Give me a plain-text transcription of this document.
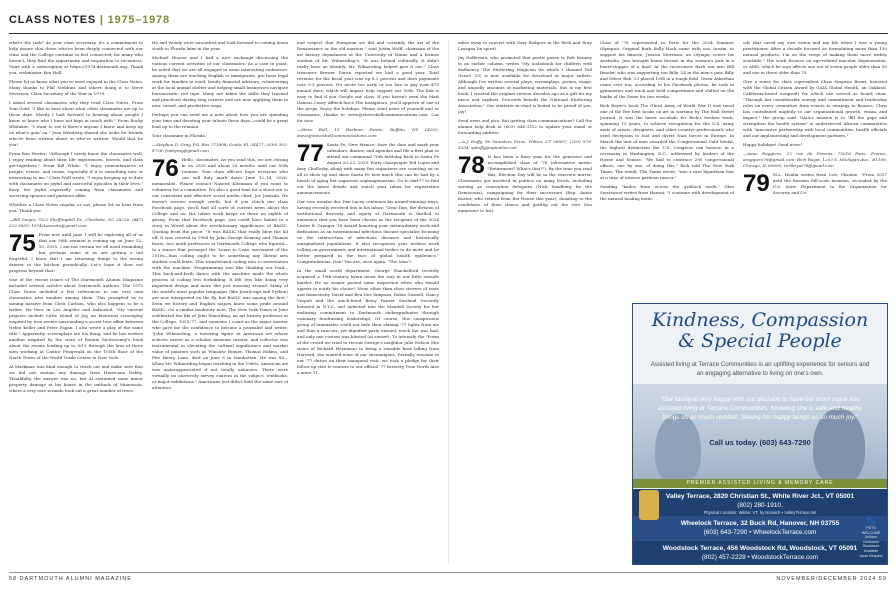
CLASS NOTES | 1975–1978

what's the task? As your class secretary, it's a commitment to help assure that those who've been deeply connected with our class and the College continue to feel connected; for many who haven't, they find the opportunity and inspiration to reconnect. Start with a subscription at https://1974.dartmouth.org. Thank you, webmaster Ken Hall.

Please let us know what you've most enjoyed in the Class Notes. Many thanks to Phil Stebbins and others doing it to Steve Severson, Class Secretary of the Year in 1979.

I asked several classmates why they read Class Notes. From Tom Gold: "I like to hear about what other classmates are up to these days. Mostly I look forward to hearing about people I know or knew who I have not kept in touch with." From Rocky Whitaker: "I want to see if there's anyone I know and keep up on what's goin' on." Jean Weinberg shared she looks for friends who've been written about or who've written. Would that be you?

From Ron Hester: "Although I rarely know the classmates well, I enjoy reading about their life experiences, travels, and class get-togethers." From Bill White: "I enjoy remembrances of people, events, and terms, especially if it is something new or interesting to me." Chris Wolf wrote, "I enjoy keeping up to date with classmates on joyful and sorrowful episodes in their lives." Keep the joyful especially coming from classmates and surviving spouses and partners alike.

Whether a Class Notes regular or not, please let us hear from you. Thank you.

—Bill Geiger, 7522 Sheffingdell Dr., Charlotte, NC 28226; (847) 322-5939; 1974classnote@gmail.com

75 From now until June 1 will be exploring all of us that our 50th reunion is coming up on June 12–15, 2025. I am not certain we all need reminding but perhaps some of us are getting a tad forgetful. I know that I am returning things to the wrong drawer in the kitchen periodically. Let's hope it does not progress beyond that!

One of the recent issues of The Dartmouth Alumni Magazine included several articles about Dartmouth authors. The 1975 Class Notes included a few references to our very own classmates who number among them. This prompted us to mining missive from Chris Carlson, who also happens to be a writer. He lives in Los Angeles and indicated, "My current projects include Little Island of Joy, an historical screenplay inspired by true events surrounding a secret love affair between Helen Keller and Peter Fagan. I also wrote a play of the same title." Apparently, screenplays are his thing, and he has written another inspired by the story of Bonnie McSweeney's book about the events leading up to 9/11 through the lens of three men working at Cantor Fitzgerald on the 105th floor of the North Tower of the World Trade Center in New York.

Al Markman was kind enough to reach out and make sure that we did not sustain any damage from Hurricane Debby. Thankfully, the answer was no, but Al sustained some minor property damage at his house in the outback of Minnesota, where a very rare tornado took out a great number of trees.

He and Wendy were unscathed and look forward to coming down south to Florida later in the year.

Michael Hoover and I had a nice exchange discussing the various current activities of our classmates. As a case in point, he noted that we are all engaged in some interesting endeavors. Among them are teaching English to immigrants, pro bono legal work for families in need, family financial advisory, volunteering at the local animal shelter and helping small businesses navigate bureaucratic red tape. Many are taken the skills they learned and practiced during long careers and are now applying them in new, varied, and productive ways.

Perhaps you can send me a note about how you are spending your time and devoting your talents these days—could be a great lead up to the reunion.

Your classmate in Florida.

—Stephen D. Gray, P.O. Box 771808, Ocala, FL 34477; (630) 302-8728; fraitgray@gmail.com

76 Hello, classmates. As you read this, we are closing in on 2025 and about 20 months until our 50th reunion. Your class officers hope everyone who can will duly mark dates June 12–14, 2026, memorable. Please contact Naseed Kleinman if you want to volunteer for a committee. It's also a good time for a shout-out to our consistent and effective social media chief, Joe Jasinski. He doesn't receive enough credit, but if you check our class Facebook page, you'll find all sorts of current news about the College and us. His talent work keeps us there an eighth of giving. From that Facebook page, you could have linked to a story in Wired about the revolutionary significance of BASIC. Quoting from the piece: "It was BASIC that really blew the lid off. It was created in 1964 by John George Kemeny and Thomas Kurtz, two math professors at Dartmouth College who figured—to a stance that presaged the 'Learn to Code' movement of the 2010s—that coding ought to be something any liberal arts student could learn. This transformed coding into a conversation with the machine. Programming was like thinking out loud... This back-and-forth dance with the machine made the whole process of coding less forbidding. It felt less like doing very important design and more like just messing around. Many of the world's most popular languages (like JavaScript and Python) are now interpreted on the fly, but BASIC was among the first." Even we history and English majors knew some pride around BASIC. On a similar laudatory note, The New York Times in June celebrated the life of John Winerding, an art history professor at the College, 1955–77, and someone I count as the major mentor who gave me the confidence to become a journalist and writer, "John Wilmerding, a towering figure in American art whose eclectic career as a scholar, museum curator, and collector was instrumental in elevating the cultural significance and market value of painters such as Winslow Homer, Thomas Eakins, and Fitz Henry Lane, died on June 6 in Manhattan. He was 85... When Mr. Wilmerding began teaching in the 1960s, American art was underappreciated if not totally unknown. There were virtually no university survey courses in the subject, textbooks, or major exhibitions." Americans just didn't hold the same sort of attention

and respect that European art did and certainly the art of the Renaissance or the old masters," said Justin Wolff, chairman of the art history department at the University of Maine and a former student of Mr. Wilmerding's. "It was behind culturally. It didn't really have an identity. Mr. Wilmerding helped give it one." Class treasurer Brewer Doran reported we had a good year. Total revenue for the fiscal year was up 8.2 percent and dues payments rose 9.3 percent. It's never too early or too late to pay your $75 annual dues, which will impact help support our 50th. The link is easy to find if you Google our class. If you haven't seen the Matt Damon–Casey Affleck farce The Instigators, you'll approve of one of the props. Enjoy the holidays. Please send news of yourself and or classmates, thanks to steve@steveshellcommunications.com. Cas for now.

—Steve Bell, 13 Harbour Pointe, Buffalo, NY 14202; steve@steveshellcommunications.com

77 Santa Fe, New Mexico: Save the date and mark your calendars, diaries, and agendas and file a first plan to attend our communal 70th birthday bash in Santa Fe August 20–22, 2025. Party chairpeople Ted Lopes and Amy Chollosky, along with many fun organizers are counting on us all to show up and show Santa Fe how much this can be had by a bunch of aging but sagacious septuagenarians. Go to dart77 to find out the latest details and watch your inbox for registration announcements.

Our own wonder doc Dan Lacey continues his award-winning ways, having recently received this in his inbox: "Dear Dan, the division of institutional diversity and equity at Dartmouth is thrilled to announce that you have been chosen as the recipient of the 2024 Lester B. Granger '18 Award honoring your extraordinary work and dedication as an international infectious disease specialist focusing on the intersection of infectious diseases and historically marginalized populations. It also recognizes your tireless work calling on governments and international bodies to do more and be better prepared in the face of global health epidemics." Congratulations, Dan! You are, once again, "The Man"!

In the small world department, George Shackelford recently acquired a 19th-century hymn down the way in our little seaside hamlet. He no sooner posted some inspection when who should appear to notify his choice? None other than class strivers of taste and domesticity David and Bea Dee Simpson, Robin Gosnell, Nancy Vespoli and the much-feted Betsy Fauver Sizeland (recently honored in N.Y.C. and inducted into the Mandell Society for her enduring commitment to Dartmouth undergraduates through visionary fundraising leadership). Of course, this conspicuous group of luminaries could not bide their shining '77 lights from me and thus a raucous, yet dignified party ensued, much fun was had, and only one custom was blasted (at sunset). To intensify the "Poem of the crowd we tried to recruit George's neighbor Julie Nelson (the sister of Richard Heynman) to bring a sensible bass lalling from Harvard, she wanted none of our shenanigans. Partially resolute in our '77 duties on their inaugural visit, we took a pledge for their follow-up visit to venture to our official '77 brewery True North Ales a mere 11

miles away to convert with Gary Rodgers in the flesh and Rory Lasagna (in spirit).

Jay Heffernan, who promoted that poetic pause to Rob Kenney in an earlier column, writes "My audiobook for children with disfluency, The Stuttering Magician (in which I channel Ted Geisel '25) is now available for download at major outlets. Although I've written several plays, screenplays, poems, songs, and ungodly amounts of marketing materials, this is my first book. I created the original version decades ago as a gift for my niece and nephew. Proceeds benefit the National Stuttering Association." Our stutterer-in-chief is bound to be proud of you, Jay!

Send news and pics. But getting class communications? Call the alumni help desk at (603) 646-3312 to update your email or forwarding address.

—A.J. Duffy, 90 Saunders Drive, Wilton, CT 06897; (203) 979-3334; ajduffy@optonline.net

78 It has been a busy year for the generous and accomplished class of '78 (alternative motto: "Retirement? What's that?"). By the time you read this, Election Day will be in the rearview mirror. Classmates got involved in politics on many levels, including serving as convention delegates (Nick Sandberg for the Democrats), campaigning for their successors (Rep. Annie Kuster, who retired from the House this year), donating to the candidates of their choice and getting out the vote (too numerous to list).

Class of '78 represented in Paris for the 2024 Summer Olympics. Original Barb Kelly Hack came with son, Austin, to support his fiancée, Jessica Morrison, an Olympic rower for Australia. Jess brought home bronze in the women's pair in a heart-stopper of a final. At the racecourse Barb ran into Bill Bender, who was supporting son Billy '24 in the men's pair. Billy and Oliver Bub '23 placed 10th in a tough field. Gwen Askeehan came over too; according to his Facebook photos, he took in gymnastics and track and field competitions and chilled on the banks of the Seine for two weeks.

Rick Beyer's book The Ghost Army of World War II was rated one of the five best books on art in wartime by The Wall Street Journal. It was the latest accolade for Rick's tireless work, spanning 15 years, to achieve recognition for the U.S. Army units of artists, designers, and other creative professionals who used deception to fool and divert Nazi forces in Europe. In March the unit of men awarded the Congressional Gold Medal, the highest distinction the U.S. Congress can bestow, in a ceremony in Washington, D.C., addressed by leaders of the House and Senate. "We had to convince 290 congressional offices, one by one, of doing this," Rick told The New York Times. The result, The Times wrote, "was a rare bipartisan feat at a time of intense partisan rancor."

Sending "kudos from across the gridlock earth," Glen Swartwout writes from Hawaii: "I continue with development of the natural healing meth-

ods that saved my own vision and my life when I was a young practitioner. After a decade focused on formulating more than 150 natural products, I'm on the verge of making them more widely available." His work focuses on age-related macular degeneration, or AMD, which he says affects one out of seven people older than 50 and one in three older than 75.

Give a rouse for class copresident Chris Simpson Brunt, honored with the Global Citizen Award by GAIA Global Health, an Oakland, California-based nonprofit for which she served as board chair. "Through her considerable energy and commitment and leadership roles on every committee from events to strategy to finance, Chris has contributed mightily to our organizational growth, vision, and impact," the group said. GAIA's mission is to "fill the gaps and strengthen the health system" in underserved African communities with "innovative partnership with local communities, health officials and our implementing and development partners."

Happy holidays! Send news!

—Anne Ruggiero, 12 rue de Provins, 75018 Paris, France; aruggiero78@gmail.com; Rich Rayat, 1203 S. Michigan Ave., #1106, Chicago, IL 60605; richbryat78@gmail.com

79 M.L. Healin writes from Lviv, Ukraine, "From 2017 until the Russian full-scale invasion, seconded by the U.S. State Department to the Organization for Security and Co-

Kindness, Compassion
& Special People
Assisted living at Terrace Communities is an uplifting experience for seniors and an engaging alternative to living on one's own.
"Our family is very happy with our decision to have our mom move into assisted living at Terrace Communities. Knowing she is safe and healthy brings us so much comfort. Seeing her happy brings us so much joy."
Call us today. (603) 643-7290
PREMIER ASSISTED LIVING & MEMORY CARE
Valley Terrace, 2820 Christian St., White River Jct., VT 05001
(802) 280-1910.
Physical Location: Wilder, VT, by Norwich • ValleyTerrace.net
Wheelock Terrace, 32 Buck Rd, Hanover, NH 03755
(603) 643-7290 • WheelockTerrace.com
Woodstock Terrace, 456 Woodstock Rd, Woodstock, VT 05091
(802) 457-2228 • WoodstockTerrace.com
🐾
PETS WELCOME
Uniform Consumer Disclosure Available Upon Request
58 DARTMOUTH ALUMNI MAGAZINE	NOVEMBER/DECEMBER 2024 59
